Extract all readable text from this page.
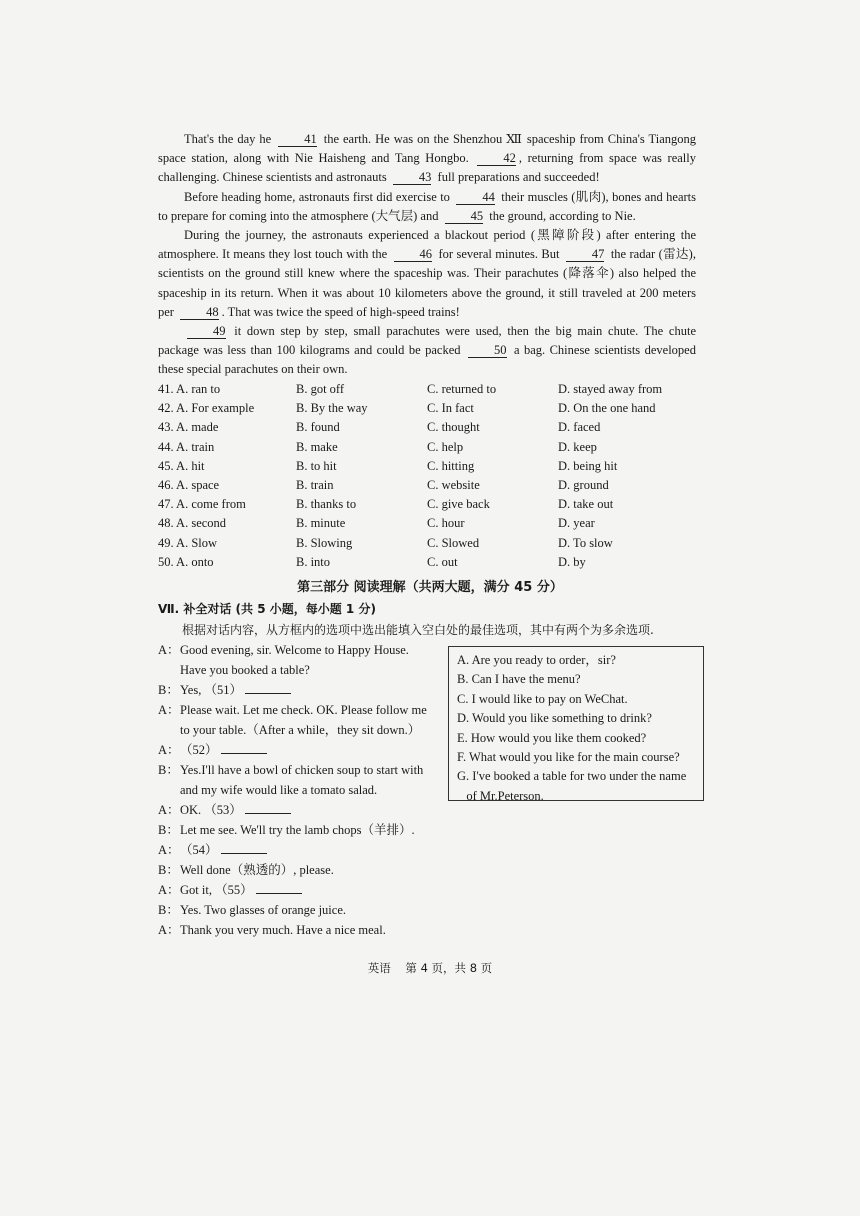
That's the day he 41 the earth. He was on the Shenzhou Ⅻ spaceship from China's Tiangong space station, along with Nie Haisheng and Tang Hongbo. 42 , returning from space was really challenging. Chinese scientists and astronauts 43 full preparations and succeeded!

Before heading home, astronauts first did exercise to 44 their muscles (肌肉), bones and hearts to prepare for coming into the atmosphere (大气层) and 45 the ground, according to Nie.

During the journey, the astronauts experienced a blackout period (黑障阶段) after entering the atmosphere. It means they lost touch with the 46 for several minutes. But 47 the radar (雷达), scientists on the ground still knew where the spaceship was. Their parachutes (降落伞) also helped the spaceship in its return. When it was about 10 kilometers above the ground, it still traveled at 200 meters per 48 . That was twice the speed of high-speed trains!

49 it down step by step, small parachutes were used, then the big main chute. The chute package was less than 100 kilograms and could be packed 50 a bag. Chinese scientists developed these special parachutes on their own.

41. A. ran to	B. got off	C. returned to	D. stayed away from
42. A. For example	B. By the way	C. In fact	D. On the one hand
43. A. made	B. found	C. thought	D. faced
44. A. train	B. make	C. help	D. keep
45. A. hit	B. to hit	C. hitting	D. being hit
46. A. space	B. train	C. website	D. ground
47. A. come from	B. thanks to	C. give back	D. take out
48. A. second	B. minute	C. hour	D. year
49. A. Slow	B. Slowing	C. Slowed	D. To slow
50. A. onto	B. into	C. out	D. by
第三部分 阅读理解（共两大题，满分 45 分）
Ⅶ. 补全对话 (共 5 小题，每小题 1 分)
根据对话内容，从方框内的选项中选出能填入空白处的最佳选项，其中有两个为多余选项.
A： Good evening, sir. Welcome to Happy House.
Have you booked a table?
B： Yes, （51）
A： Please wait. Let me check. OK. Please follow me
to your table.（After a while，they sit down.）
A： （52）
B： Yes.I'll have a bowl of chicken soup to start with
and my wife would like a tomato salad.
A： OK. （53）
B： Let me see. We'll try the lamb chops（羊排）.
A： （54）
B： Well done（熟透的）, please.
A： Got it, （55）
B： Yes. Two glasses of orange juice.
A： Thank you very much. Have a nice meal.
A. Are you ready to order，sir?
B. Can I have the menu?
C. I would like to pay on WeChat.
D. Would you like something to drink?
E. How would you like them cooked?
F. What would you like for the main course?
G. I've booked a table for two under the name
of Mr.Peterson.
英语    第 4 页，共 8 页
